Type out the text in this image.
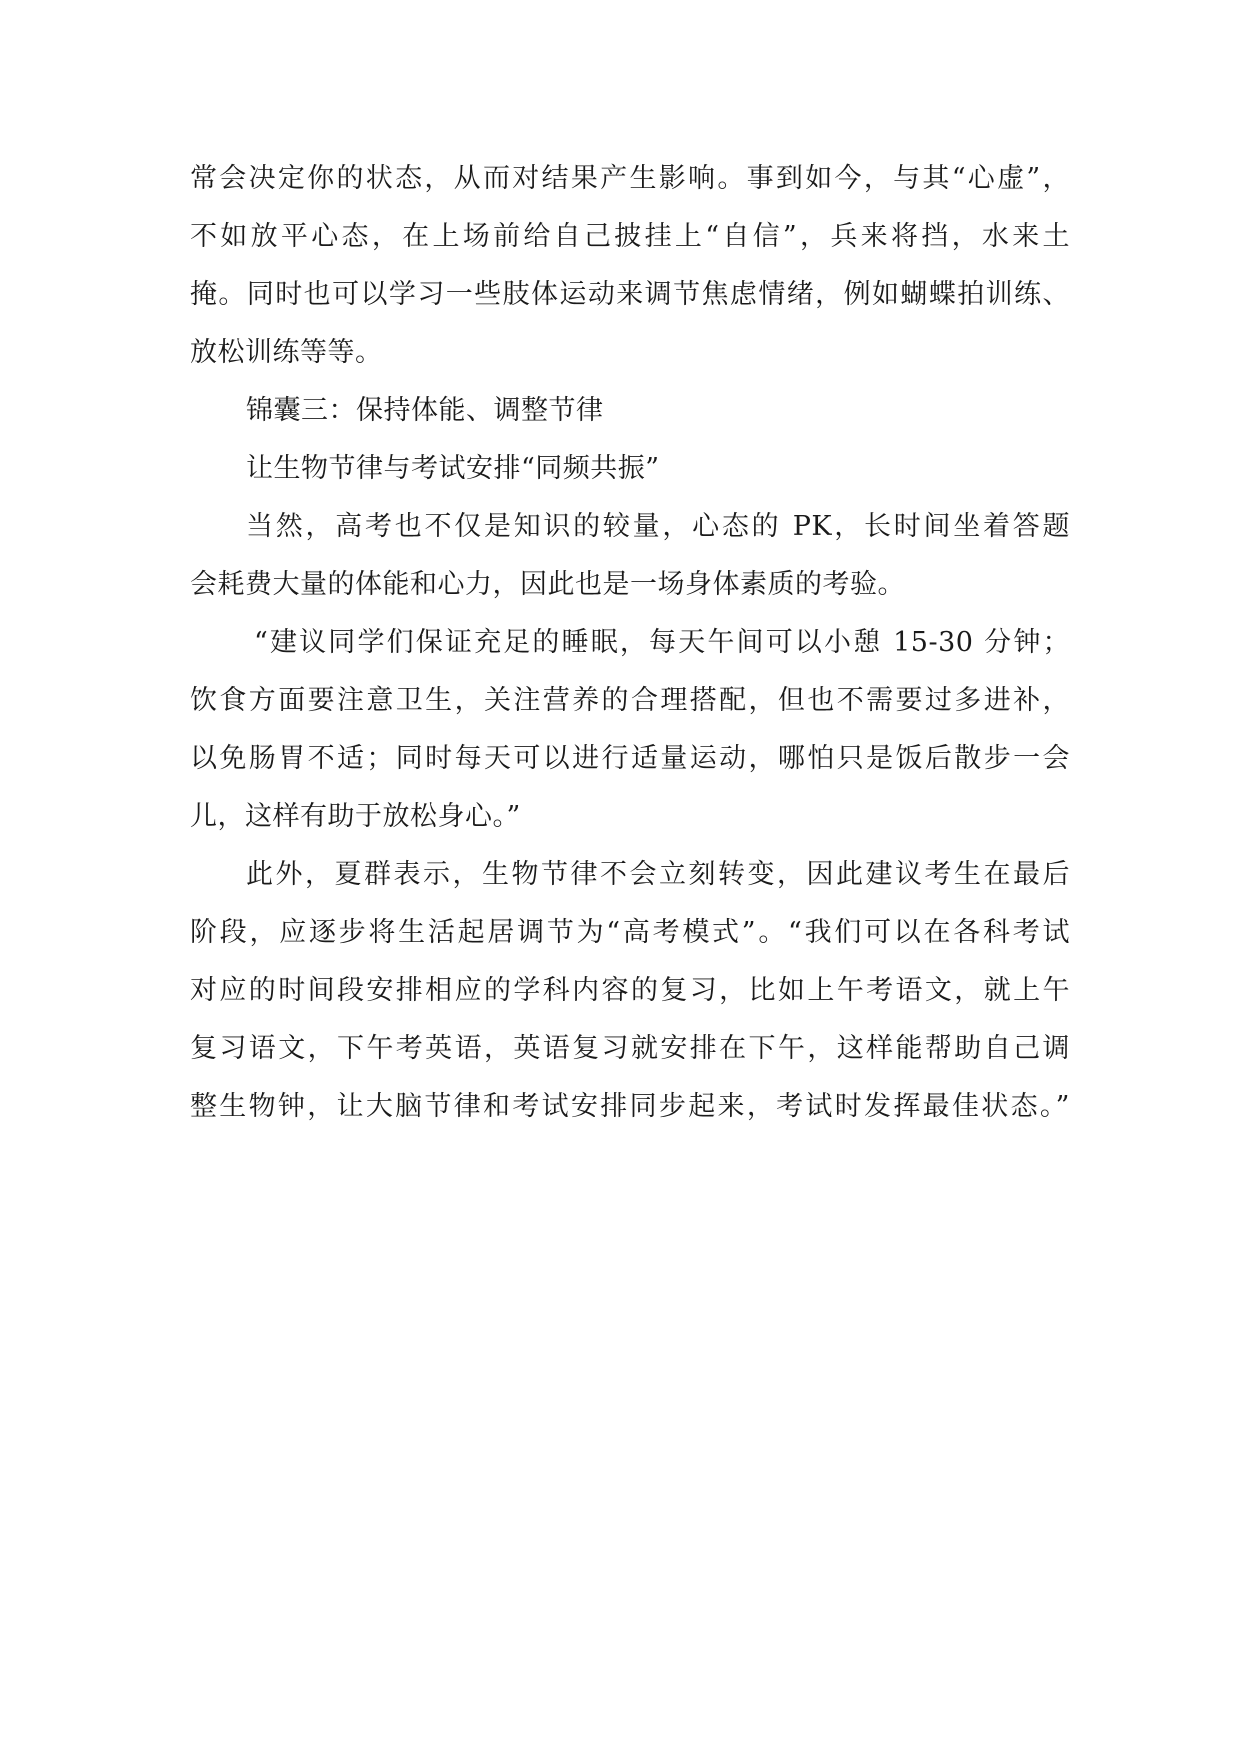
常会决定你的状态，从而对结果产生影响。事到如今，与其“心虚”，
不如放平心态，在上场前给自己披挂上“自信”，兵来将挡，水来土
掩。同时也可以学习一些肢体运动来调节焦虑情绪，例如蝴蝶拍训练、
放松训练等等。
锦囊三：保持体能、调整节律
让生物节律与考试安排“同频共振”
当然，高考也不仅是知识的较量，心态的 PK，长时间坐着答题
会耗费大量的体能和心力，因此也是一场身体素质的考验。
“建议同学们保证充足的睡眠，每天午间可以小憩 15-30 分钟；
饮食方面要注意卫生，关注营养的合理搭配，但也不需要过多进补，
以免肠胃不适；同时每天可以进行适量运动，哪怕只是饭后散步一会
儿，这样有助于放松身心。”
此外，夏群表示，生物节律不会立刻转变，因此建议考生在最后
阶段，应逐步将生活起居调节为“高考模式”。“我们可以在各科考试
对应的时间段安排相应的学科内容的复习，比如上午考语文，就上午
复习语文，下午考英语，英语复习就安排在下午，这样能帮助自己调
整生物钟，让大脑节律和考试安排同步起来，考试时发挥最佳状态。”
